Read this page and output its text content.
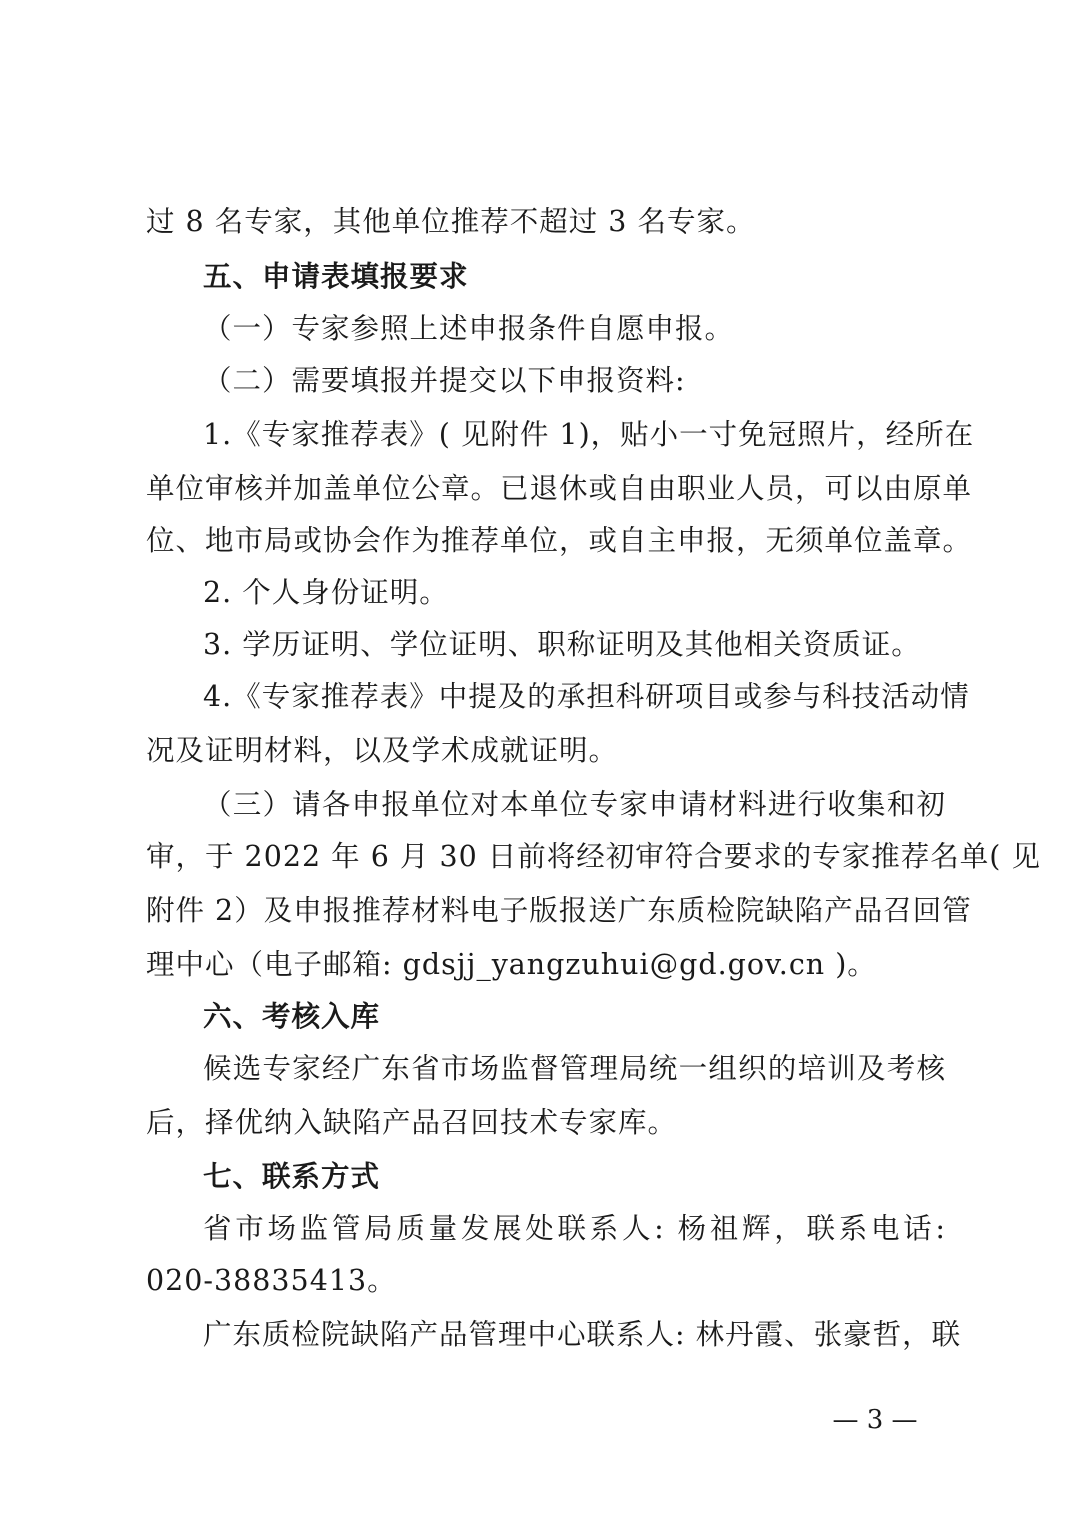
过 8 名专家，其他单位推荐不超过 3 名专家。
五、申请表填报要求
（一）专家参照上述申报条件自愿申报。
（二）需要填报并提交以下申报资料:
1.《专家推荐表》( 见附件 1)，贴小一寸免冠照片，经所在
单位审核并加盖单位公章。已退休或自由职业人员，可以由原单
位、地市局或协会作为推荐单位，或自主申报，无须单位盖章。
2. 个人身份证明。
3. 学历证明、学位证明、职称证明及其他相关资质证。
4.《专家推荐表》中提及的承担科研项目或参与科技活动情
况及证明材料，以及学术成就证明。
（三）请各申报单位对本单位专家申请材料进行收集和初
审，于 2022 年 6 月 30 日前将经初审符合要求的专家推荐名单( 见
附件 2）及申报推荐材料电子版报送广东质检院缺陷产品召回管
理中心（电子邮箱: gdsjj_yangzuhui@gd.gov.cn )。
六、考核入库
候选专家经广东省市场监督管理局统一组织的培训及考核
后，择优纳入缺陷产品召回技术专家库。
七、联系方式
省市场监管局质量发展处联系人: 杨祖辉，联系电话:
020-38835413。
广东质检院缺陷产品管理中心联系人: 林丹霞、张豪哲，联
— 3 —
